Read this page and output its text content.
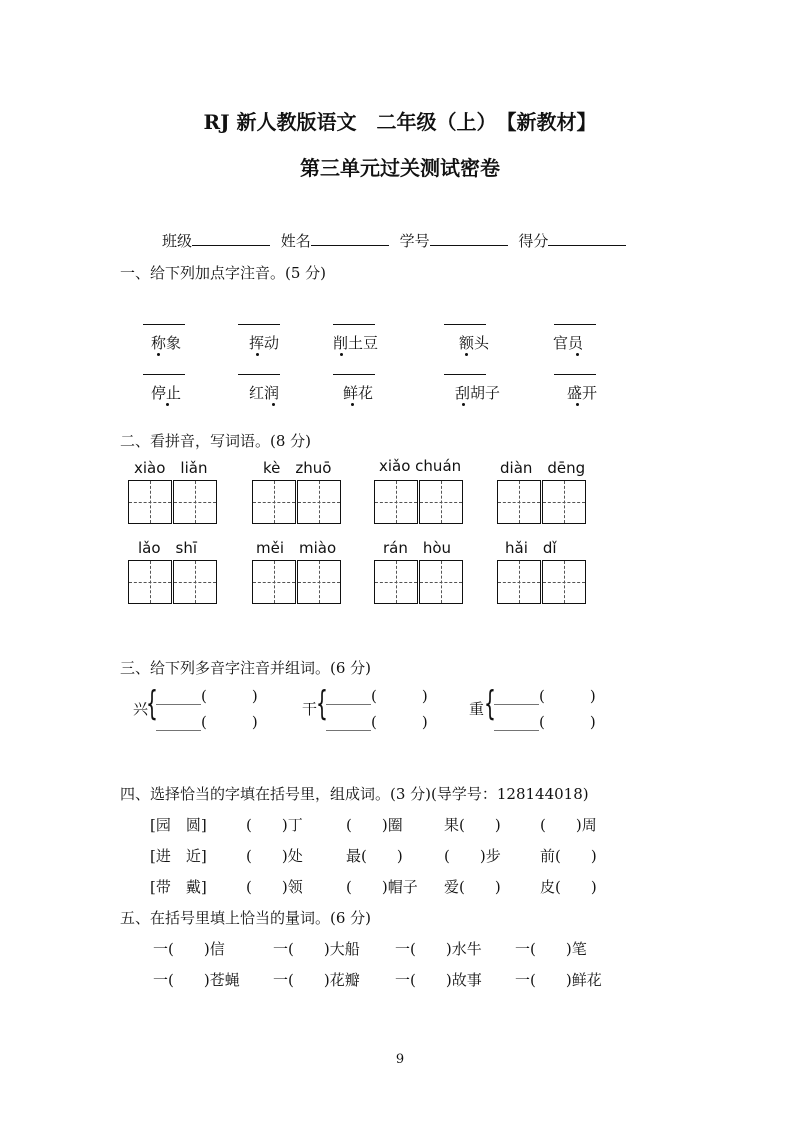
RJ 新人教版语文　二年级（上）　【新教材】
第三单元过关测试密卷
班级	姓名	学号	得分
一、给下列加点字注音。(5 分)
称象	挥动	削土豆	额头	官员
停止	红润	鲜花	刮胡子	盛开
二、看拼音，写词语。(8 分)
xiào　liǎn	kè　zhuō	xiǎo chuán	diàn　dēng
lǎo　shī	měi　miào	rán　hòu	hǎi　dǐ
三、给下列多音字注音并组词。(6 分)
兴
{
______(　　　)
______(　　　)
干
{
______(　　　)
______(　　　)
重 {
______(　　　)
______(　　　)
四、选择恰当的字填在括号里，组成词。(3 分)(导学号：128144018)
[园　圆]	(　　)丁	(　　)圈	果(　　)	(　　)周
[进　近]	(　　)处	最(　　)	(　　)步	前(　　)
[带　戴]	(　　)领	(　　)帽子 爱(　　)	皮(　　)
五、在括号里填上恰当的量词。(6 分)
一(　　)信	一(　　)大船 一(　　)水牛 一(　　)笔
一(　　)苍蝇 一(　　)花瓣 一(　　)故事 一(　　)鲜花
9
